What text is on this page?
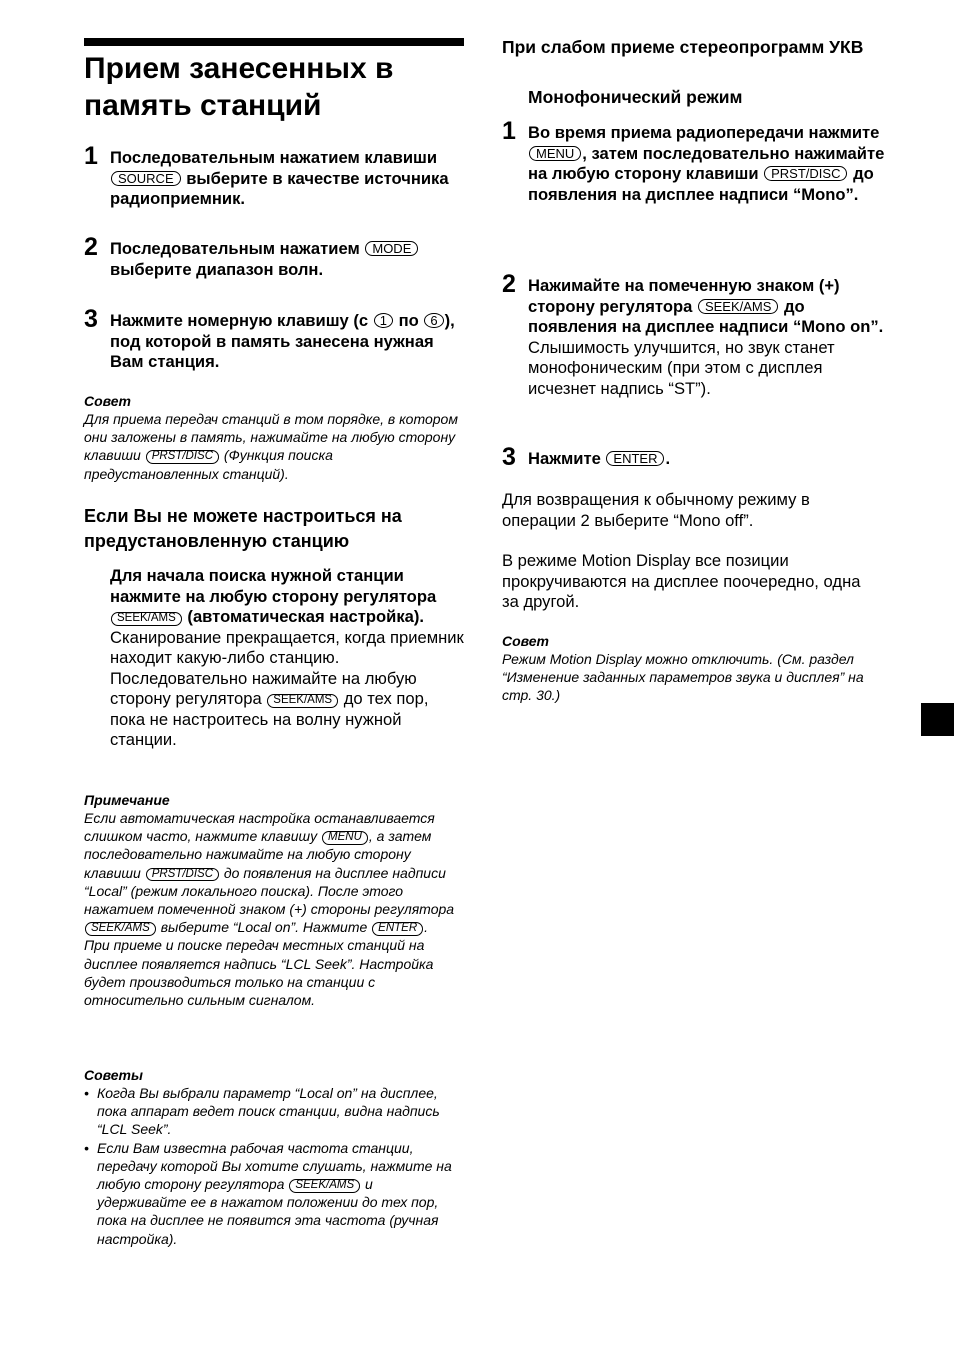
Прием занесенных в память станций
1 Последовательным нажатием клавиши SOURCE выберите в качестве источника радиоприемник.
2 Последовательным нажатием MODE выберите диапазон волн.
3 Нажмите номерную клавишу (с 1 по 6 ), под которой в память занесена нужная Вам станция.
Совет
Для приема передач станций в том порядке, в котором они заложены в память, нажимайте на любую сторону клавиши PRST/DISC (Функция поиска предустановленных станций).
Если Вы не можете настроиться на предустановленную станцию
Для начала поиска нужной станции нажмите на любую сторону регулятора SEEK/AMS (автоматическая настройка).
Сканирование прекращается, когда приемник находит какую-либо станцию. Последовательно нажимайте на любую сторону регулятора SEEK/AMS до тех пор, пока не настроитесь на волну нужной станции.
Примечание
Если автоматическая настройка останавливается слишком часто, нажмите клавишу MENU , а затем последовательно нажимайте на любую сторону клавиши PRST/DISC до появления на дисплее надписи “Local” (режим локального поиска). После этого нажатием помеченной знаком (+) стороны регулятора SEEK/AMS выберите “Local on”. Нажмите ENTER .
При приеме и поиске передач местных станций на дисплее появляется надпись “LCL Seek”. Настройка будет производиться только на станции с относительно сильным сигналом.
Советы
• Когда Вы выбрали параметр “Local on” на дисплее, пока аппарат ведет поиск станции, видна надпись “LCL Seek”.
• Если Вам известна рабочая частота станции, передачу которой Вы хотите слушать, нажмите на любую сторону регулятора SEEK/AMS и удерживайте ее в нажатом положении до тех пор, пока на дисплее не появится эта частота (ручная настройка).
При слабом приеме стереопрограмм УКВ
Монофонический режим
1 Во время приема радиопередачи нажмите MENU , затем последовательно нажимайте на любую сторону клавиши PRST/DISC до появления на дисплее надписи “Mono”.
2 Нажимайте на помеченную знаком (+) сторону регулятора SEEK/AMS до появления на дисплее надписи “Mono on”.
Слышимость улучшится, но звук станет монофоническим (при этом с дисплея исчезнет надпись “ST”).
3 Нажмите ENTER .
Для возвращения к обычному режиму в операции 2 выберите “Mono off”.
В режиме Motion Display все позиции прокручиваются на дисплее поочередно, одна за другой.
Совет
Режим Motion Display можно отключить. (См. раздел “Изменение заданных параметров звука и дисплея” на стр. 30.)
